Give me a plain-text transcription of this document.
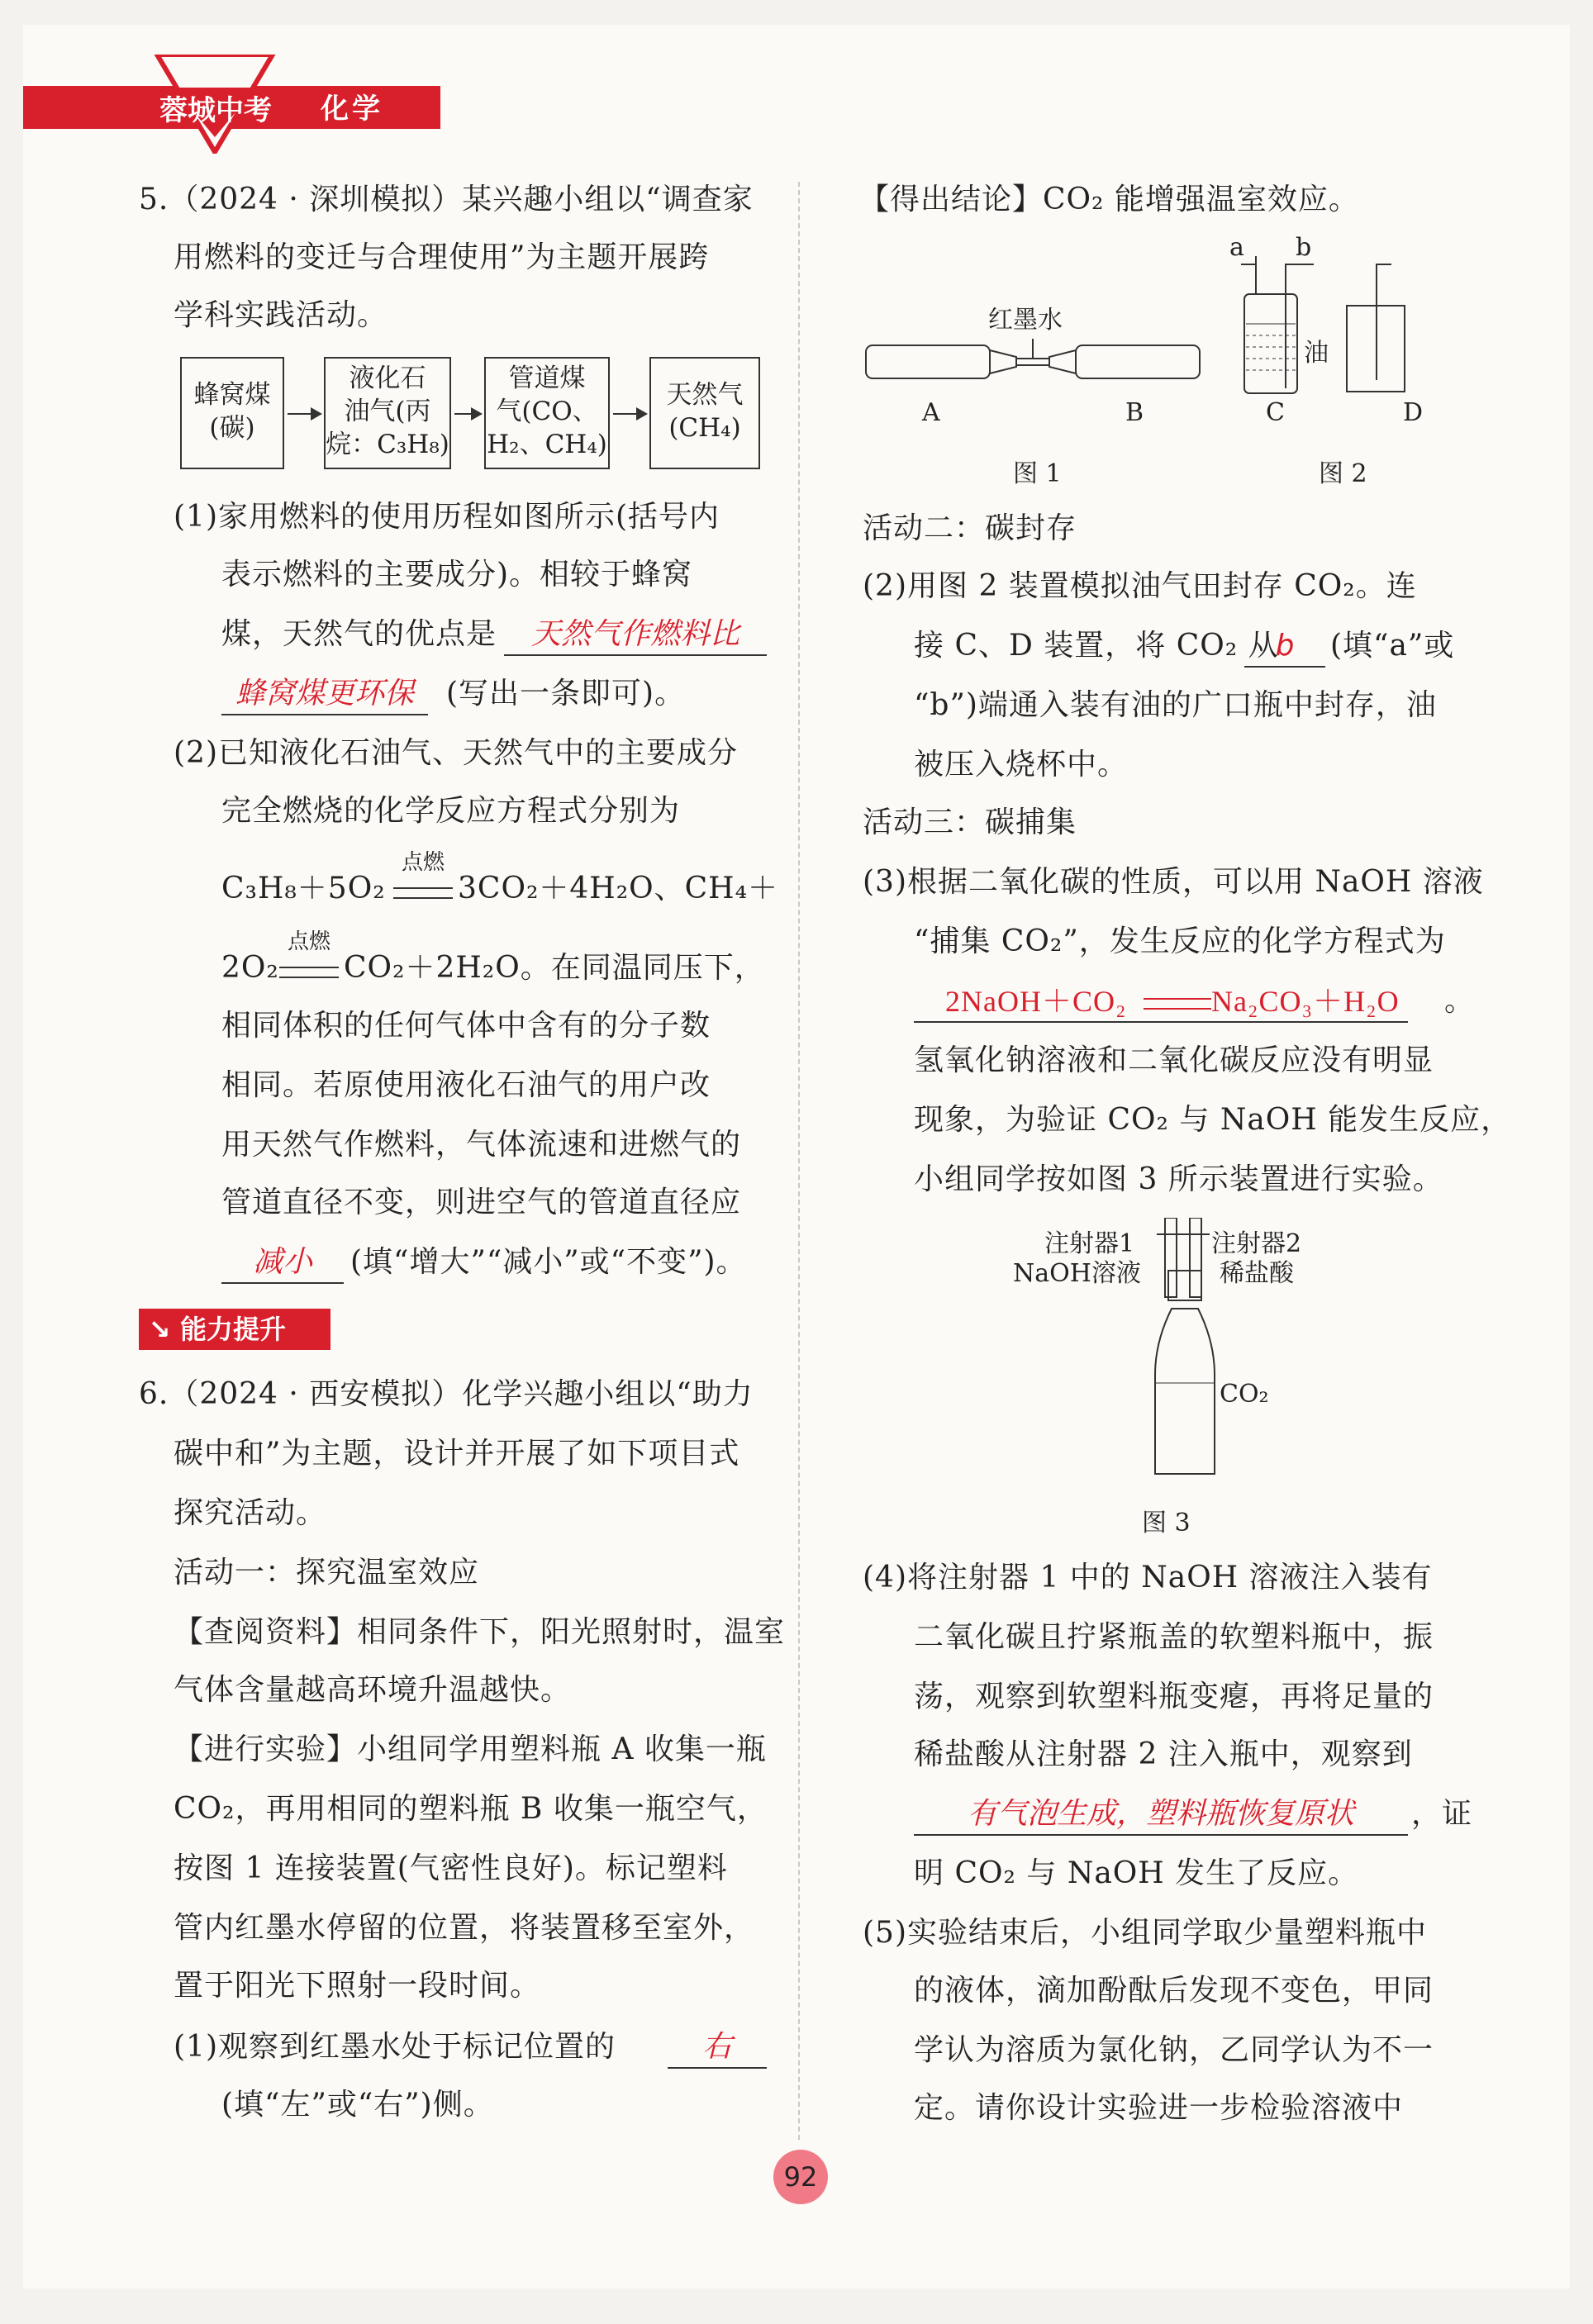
蓉城中考 化学
5.（2024 · 深圳模拟）某兴趣小组以“调查家
用燃料的变迁与合理使用”为主题开展跨
学科实践活动。
蜂窝煤
(碳)
液化石
油气(丙
烷：C₃H₈)
管道煤
气(CO、
H₂、CH₄)
天然气
(CH₄)
(1)家用燃料的使用历程如图所示(括号内
表示燃料的主要成分)。相较于蜂窝
煤，天然气的优点是	天然气作燃料比
蜂窝煤更环保	(写出一条即可)。
(2)已知液化石油气、天然气中的主要成分
完全燃烧的化学反应方程式分别为
C₃H₈＋5O₂
点燃
3CO₂＋4H₂O、CH₄＋
2O₂
点燃
CO₂＋2H₂O。在同温同压下，
相同体积的任何气体中含有的分子数
相同。若原使用液化石油气的用户改
用天然气作燃料，气体流速和进燃气的
管道直径不变，则进空气的管道直径应
减小	(填“增大”“减小”或“不变”)。
↘ 能力提升
6.（2024 · 西安模拟）化学兴趣小组以“助力
碳中和”为主题，设计并开展了如下项目式
探究活动。
活动一：探究温室效应
【查阅资料】相同条件下，阳光照射时，温室
气体含量越高环境升温越快。
【进行实验】小组同学用塑料瓶 A 收集一瓶
CO₂，再用相同的塑料瓶 B 收集一瓶空气，
按图 1 连接装置(气密性良好)。标记塑料
管内红墨水停留的位置，将装置移至室外，
置于阳光下照射一段时间。
(1)观察到红墨水处于标记位置的	右
(填“左”或“右”)侧。
【得出结论】CO₂ 能增强温室效应。
红墨水
A	B
图 1
a b
油
C	D
图 2
活动二：碳封存
(2)用图 2 装置模拟油气田封存 CO₂。连
接 C、D 装置，将 CO₂ 从
b	(填“a”或
“b”)端通入装有油的广口瓶中封存，油
被压入烧杯中。
活动三：碳捕集
(3)根据二氧化碳的性质，可以用 NaOH 溶液
“捕集 CO₂”，发生反应的化学方程式为
2NaOH＋CO₂	Na₂CO₃＋H₂O 。
氢氧化钠溶液和二氧化碳反应没有明显
现象，为验证 CO₂ 与 NaOH 能发生反应，
小组同学按如图 3 所示装置进行实验。
注射器1	注射器2
NaOH溶液	稀盐酸
CO₂
图 3
(4)将注射器 1 中的 NaOH 溶液注入装有
二氧化碳且拧紧瓶盖的软塑料瓶中，振
荡，观察到软塑料瓶变瘪，再将足量的
稀盐酸从注射器 2 注入瓶中，观察到
有气泡生成，塑料瓶恢复原状	，证
明 CO₂ 与 NaOH 发生了反应。
(5)实验结束后，小组同学取少量塑料瓶中
的液体，滴加酚酞后发现不变色，甲同
学认为溶质为氯化钠，乙同学认为不一
定。请你设计实验进一步检验溶液中
92
